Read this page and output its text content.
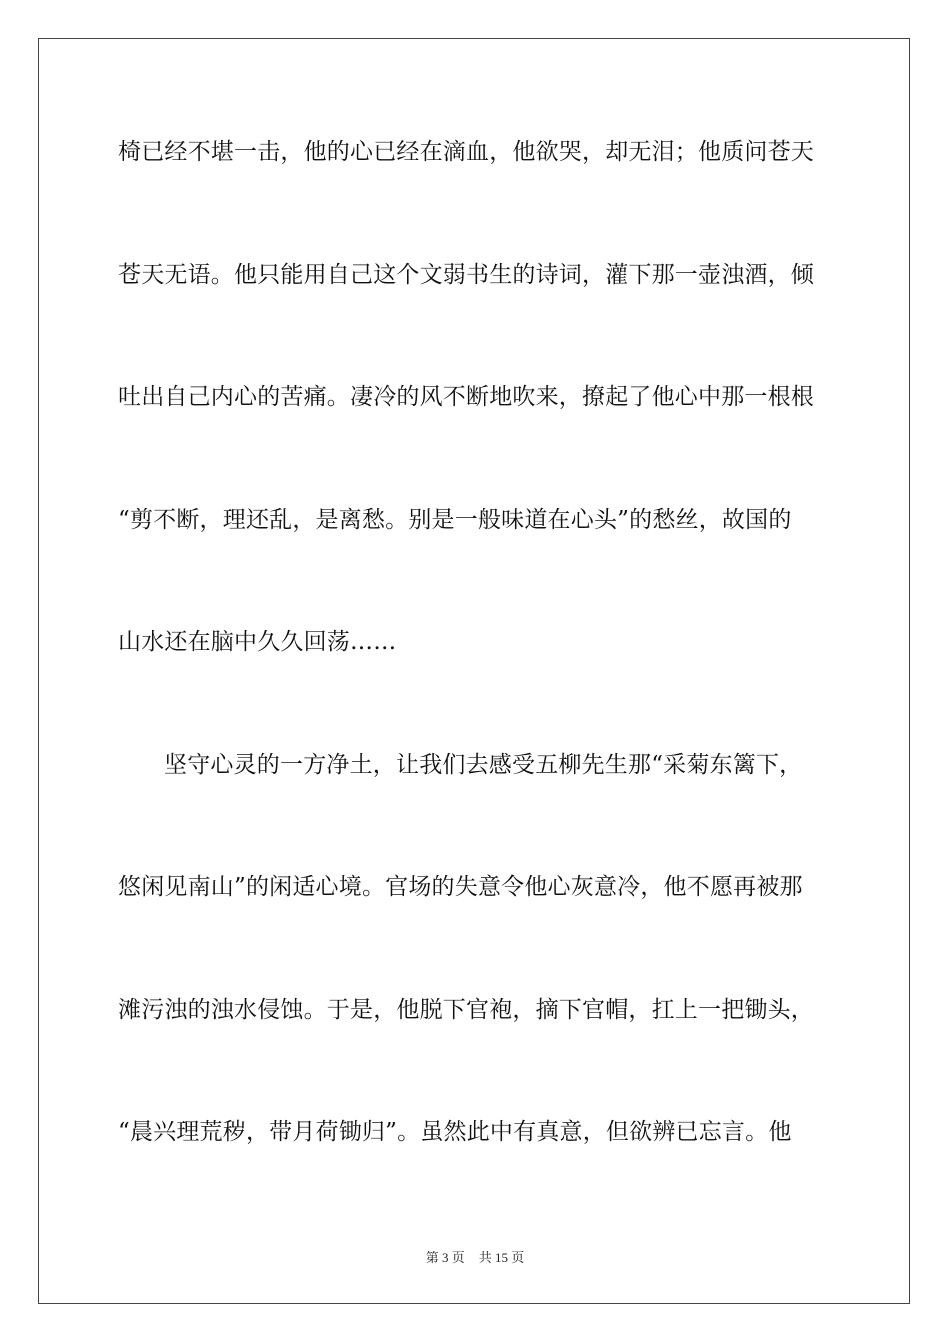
椅已经不堪一击，他的心已经在滴血，他欲哭，却无泪；他质问苍天
苍天无语。他只能用自己这个文弱书生的诗词，灌下那一壶浊酒，倾
吐出自己内心的苦痛。凄冷的风不断地吹来，撩起了他心中那一根根
“剪不断，理还乱，是离愁。别是一般味道在心头”的愁丝，故国的
山水还在脑中久久回荡……
坚守心灵的一方净土，让我们去感受五柳先生那“采菊东篱下，
悠闲见南山”的闲适心境。官场的失意令他心灰意冷，他不愿再被那
滩污浊的浊水侵蚀。于是，他脱下官袍，摘下官帽，扛上一把锄头，
“晨兴理荒秽，带月荷锄归”。虽然此中有真意，但欲辨已忘言。他
第 3 页 共 15 页
